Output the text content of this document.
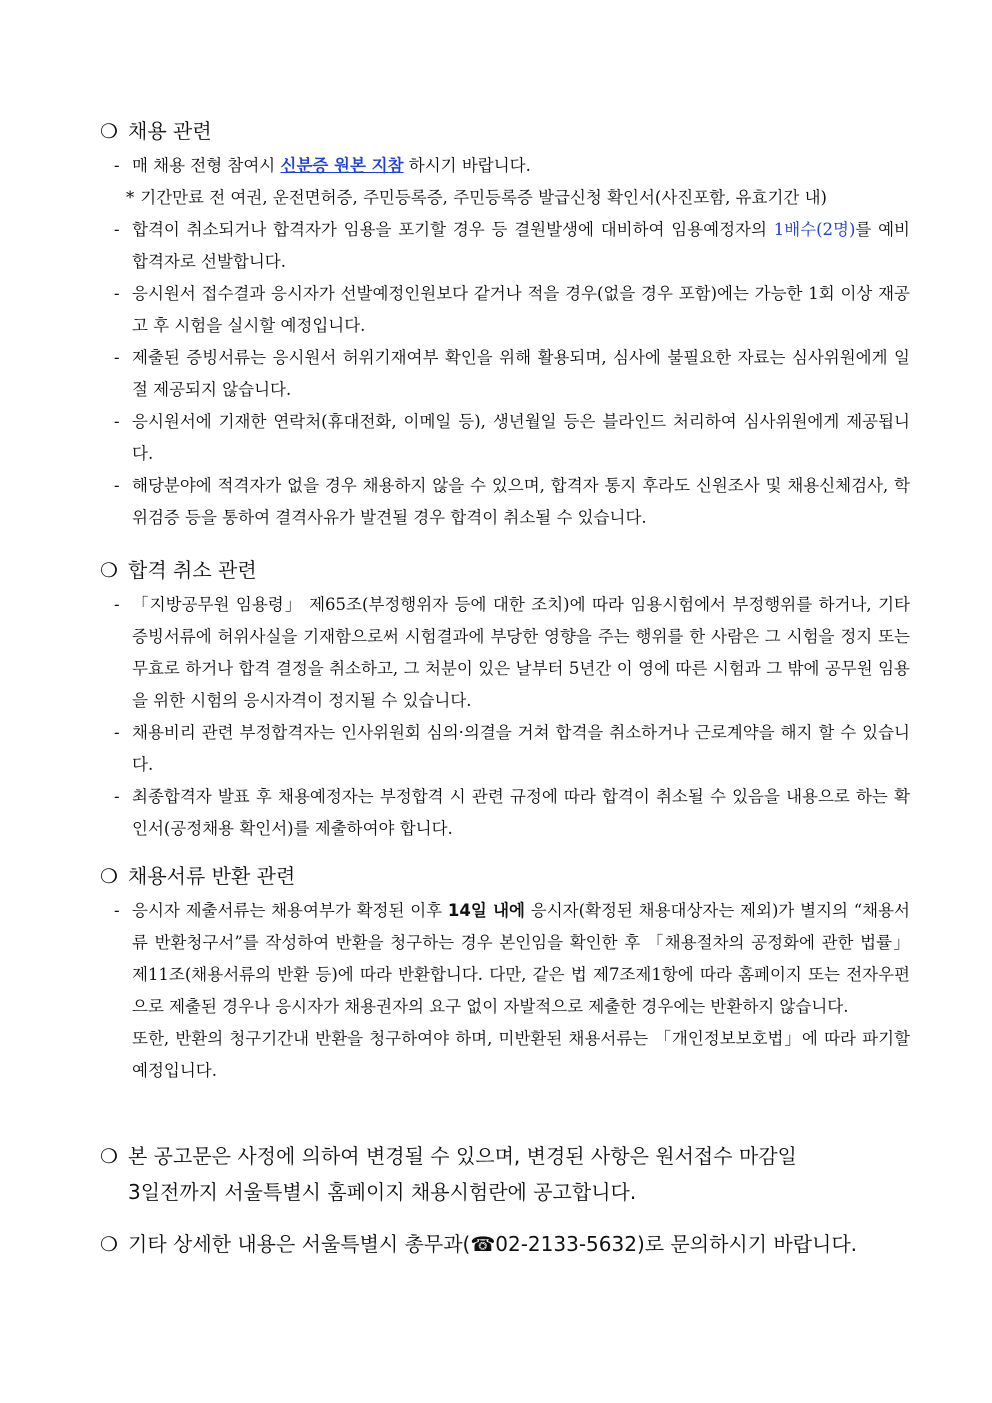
❍ 채용 관련
- 매 채용 전형 참여시 신분증 원본 지참 하시기 바랍니다.
* 기간만료 전 여권, 운전면허증, 주민등록증, 주민등록증 발급신청 확인서(사진포함, 유효기간 내)
- 합격이 취소되거나 합격자가 임용을 포기할 경우 등 결원발생에 대비하여 임용예정자의 1배수(2명)를 예비 합격자로 선발합니다.
- 응시원서 접수결과 응시자가 선발예정인원보다 같거나 적을 경우(없을 경우 포함)에는 가능한 1회 이상 재공고 후 시험을 실시할 예정입니다.
- 제출된 증빙서류는 응시원서 허위기재여부 확인을 위해 활용되며, 심사에 불필요한 자료는 심사위원에게 일절 제공되지 않습니다.
- 응시원서에 기재한 연락처(휴대전화, 이메일 등), 생년월일 등은 블라인드 처리하여 심사위원에게 제공됩니다.
- 해당분야에 적격자가 없을 경우 채용하지 않을 수 있으며, 합격자 통지 후라도 신원조사 및 채용신체검사, 학위검증 등을 통하여 결격사유가 발견될 경우 합격이 취소될 수 있습니다.
❍ 합격 취소 관련
- 「지방공무원 임용령」 제65조(부정행위자 등에 대한 조치)에 따라 임용시험에서 부정행위를 하거나, 기타 증빙서류에 허위사실을 기재함으로써 시험결과에 부당한 영향을 주는 행위를 한 사람은 그 시험을 정지 또는 무효로 하거나 합격 결정을 취소하고, 그 처분이 있은 날부터 5년간 이 영에 따른 시험과 그 밖에 공무원 임용을 위한 시험의 응시자격이 정지될 수 있습니다.
- 채용비리 관련 부정합격자는 인사위원회 심의·의결을 거쳐 합격을 취소하거나 근로계약을 해지 할 수 있습니다.
- 최종합격자 발표 후 채용예정자는 부정합격 시 관련 규정에 따라 합격이 취소될 수 있음을 내용으로 하는 확인서(공정채용 확인서)를 제출하여야 합니다.
❍ 채용서류 반환 관련
- 응시자 제출서류는 채용여부가 확정된 이후 14일 내에 응시자(확정된 채용대상자는 제외)가 별지의 “채용서류 반환청구서”를 작성하여 반환을 청구하는 경우 본인임을 확인한 후 「채용절차의 공정화에 관한 법률」 제11조(채용서류의 반환 등)에 따라 반환합니다. 다만, 같은 법 제7조제1항에 따라 홈페이지 또는 전자우편으로 제출된 경우나 응시자가 채용권자의 요구 없이 자발적으로 제출한 경우에는 반환하지 않습니다.
또한, 반환의 청구기간내 반환을 청구하여야 하며, 미반환된 채용서류는 「개인정보보호법」에 따라 파기할 예정입니다.
❍ 본 공고문은 사정에 의하여 변경될 수 있으며, 변경된 사항은 원서접수 마감일
3일전까지 서울특별시 홈페이지 채용시험란에 공고합니다.
❍ 기타 상세한 내용은 서울특별시 총무과(☎02-2133-5632)로 문의하시기 바랍니다.
